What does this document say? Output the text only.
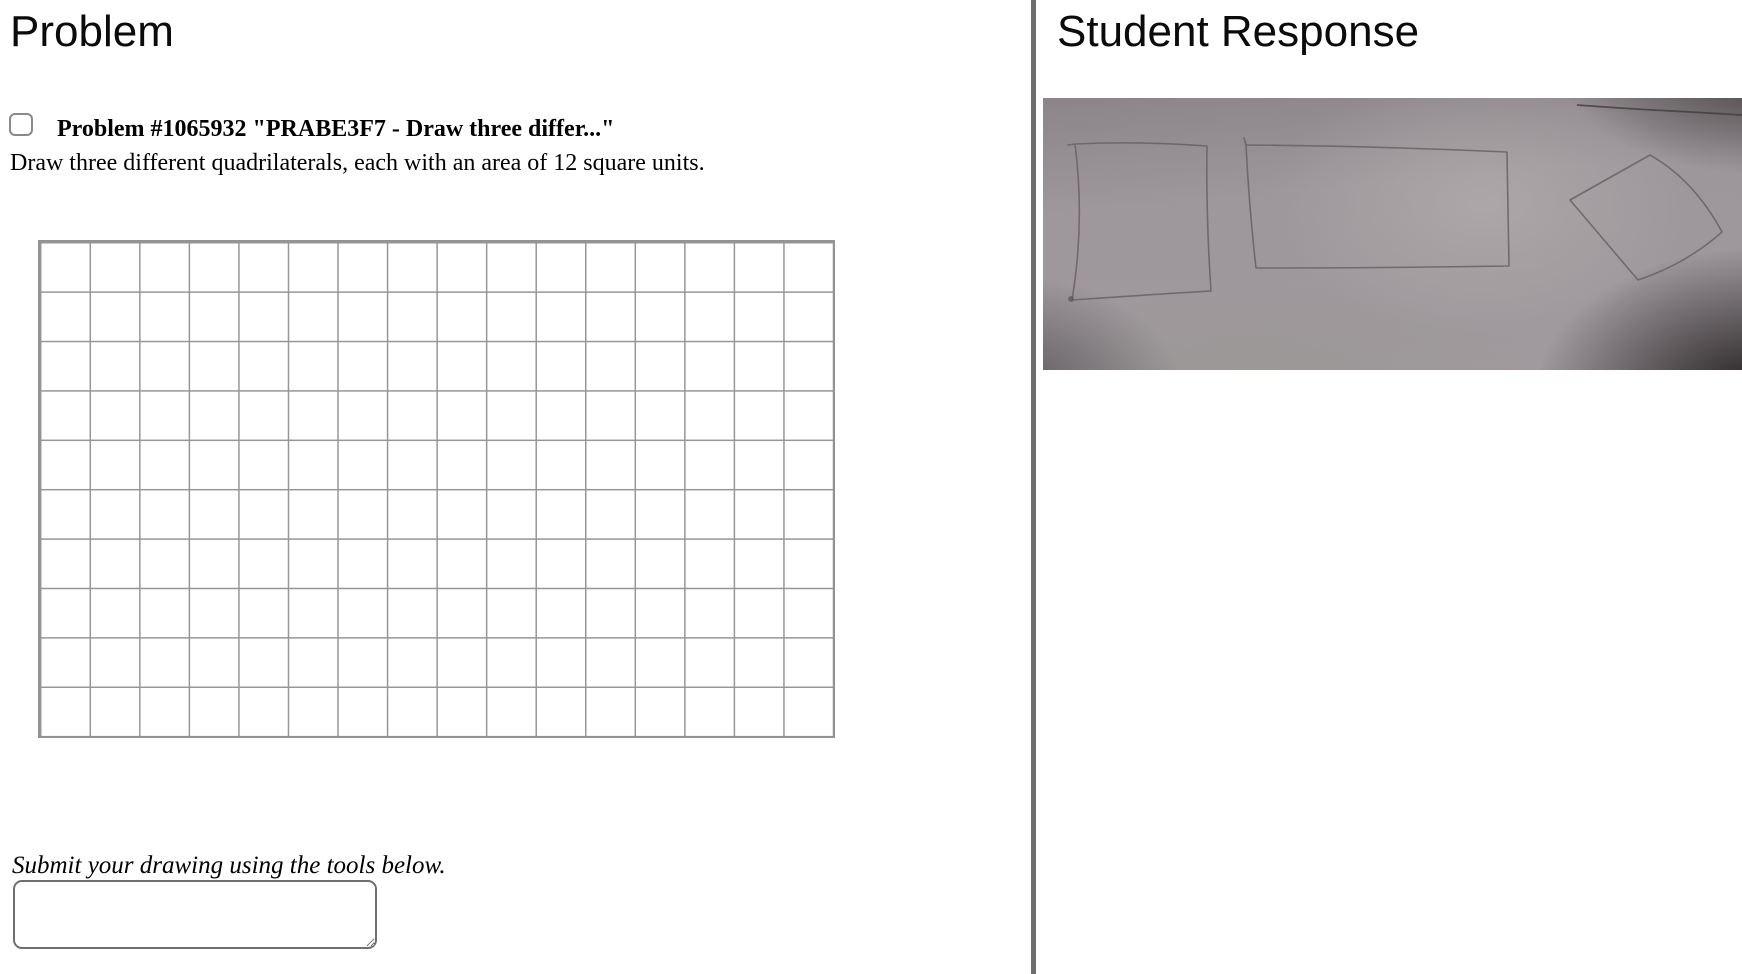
Problem
Problem #1065932 "PRABE3F7 - Draw three differ..."
Draw three different quadrilaterals, each with an area of 12 square units.
Submit your drawing using the tools below.
Student Response
